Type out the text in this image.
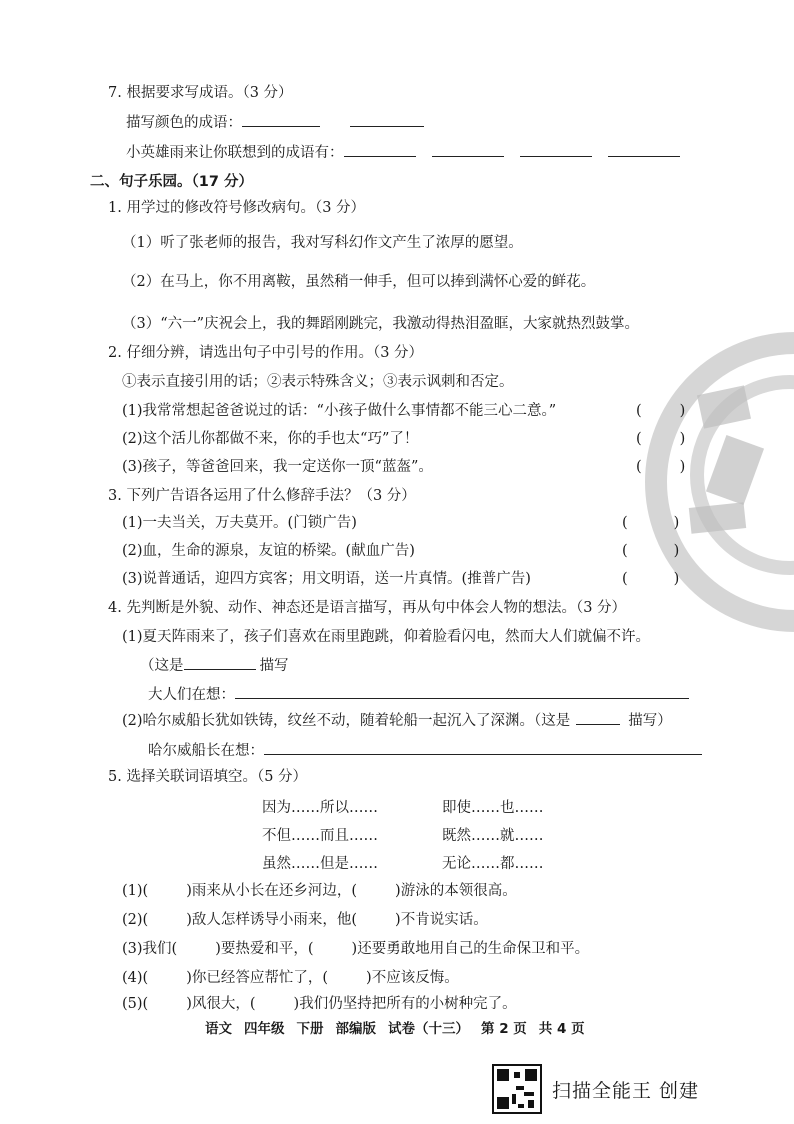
7. 根据要求写成语。（3 分）
描写颜色的成语：
小英雄雨来让你联想到的成语有：
二、句子乐园。（17 分）
1. 用学过的修改符号修改病句。（3 分）
（1）听了张老师的报告，我对写科幻作文产生了浓厚的愿望。
（2）在马上，你不用离鞍，虽然稍一伸手，但可以捧到满怀心爱的鲜花。
（3）“六一”庆祝会上，我的舞蹈刚跳完，我激动得热泪盈眶，大家就热烈鼓掌。
2. 仔细分辨，请选出句子中引号的作用。（3 分）
①表示直接引用的话；②表示特殊含义；③表示讽刺和否定。
(1)我常常想起爸爸说过的话：“小孩子做什么事情都不能三心二意。”	(	)
(2)这个活儿你都做不来，你的手也太“巧”了！	(	)
(3)孩子，等爸爸回来，我一定送你一顶“蓝盔”。	(	)
3. 下列广告语各运用了什么修辞手法？（3 分）
(1)一夫当关，万夫莫开。(门锁广告)	(	)
(2)血，生命的源泉，友谊的桥梁。(献血广告)	(	)
(3)说普通话，迎四方宾客；用文明语，送一片真情。(推普广告)	(	)
4. 先判断是外貌、动作、神态还是语言描写，再从句中体会人物的想法。（3 分）
(1)夏天阵雨来了，孩子们喜欢在雨里跑跳，仰着脸看闪电，然而大人们就偏不许。
（这是	描写
大人们在想：
(2)哈尔威船长犹如铁铸，纹丝不动，随着轮船一起沉入了深渊。（这是	描写）
哈尔威船长在想：
5. 选择关联词语填空。（5 分）
因为……所以……	即使……也……
不但……而且……	既然……就……
虽然……但是……	无论……都……
(1)(	)雨来从小长在还乡河边，(	)游泳的本领很高。
(2)(	)敌人怎样诱导小雨来，他(	)不肯说实话。
(3)我们(	)要热爱和平，(	)还要勇敢地用自己的生命保卫和平。
(4)(	)你已经答应帮忙了，(	)不应该反悔。
(5)(	)风很大，(	)我们仍坚持把所有的小树种完了。
语文 四年级 下册 部编版 试卷（十三） 第 2 页 共 4 页
扫描全能王 创建
